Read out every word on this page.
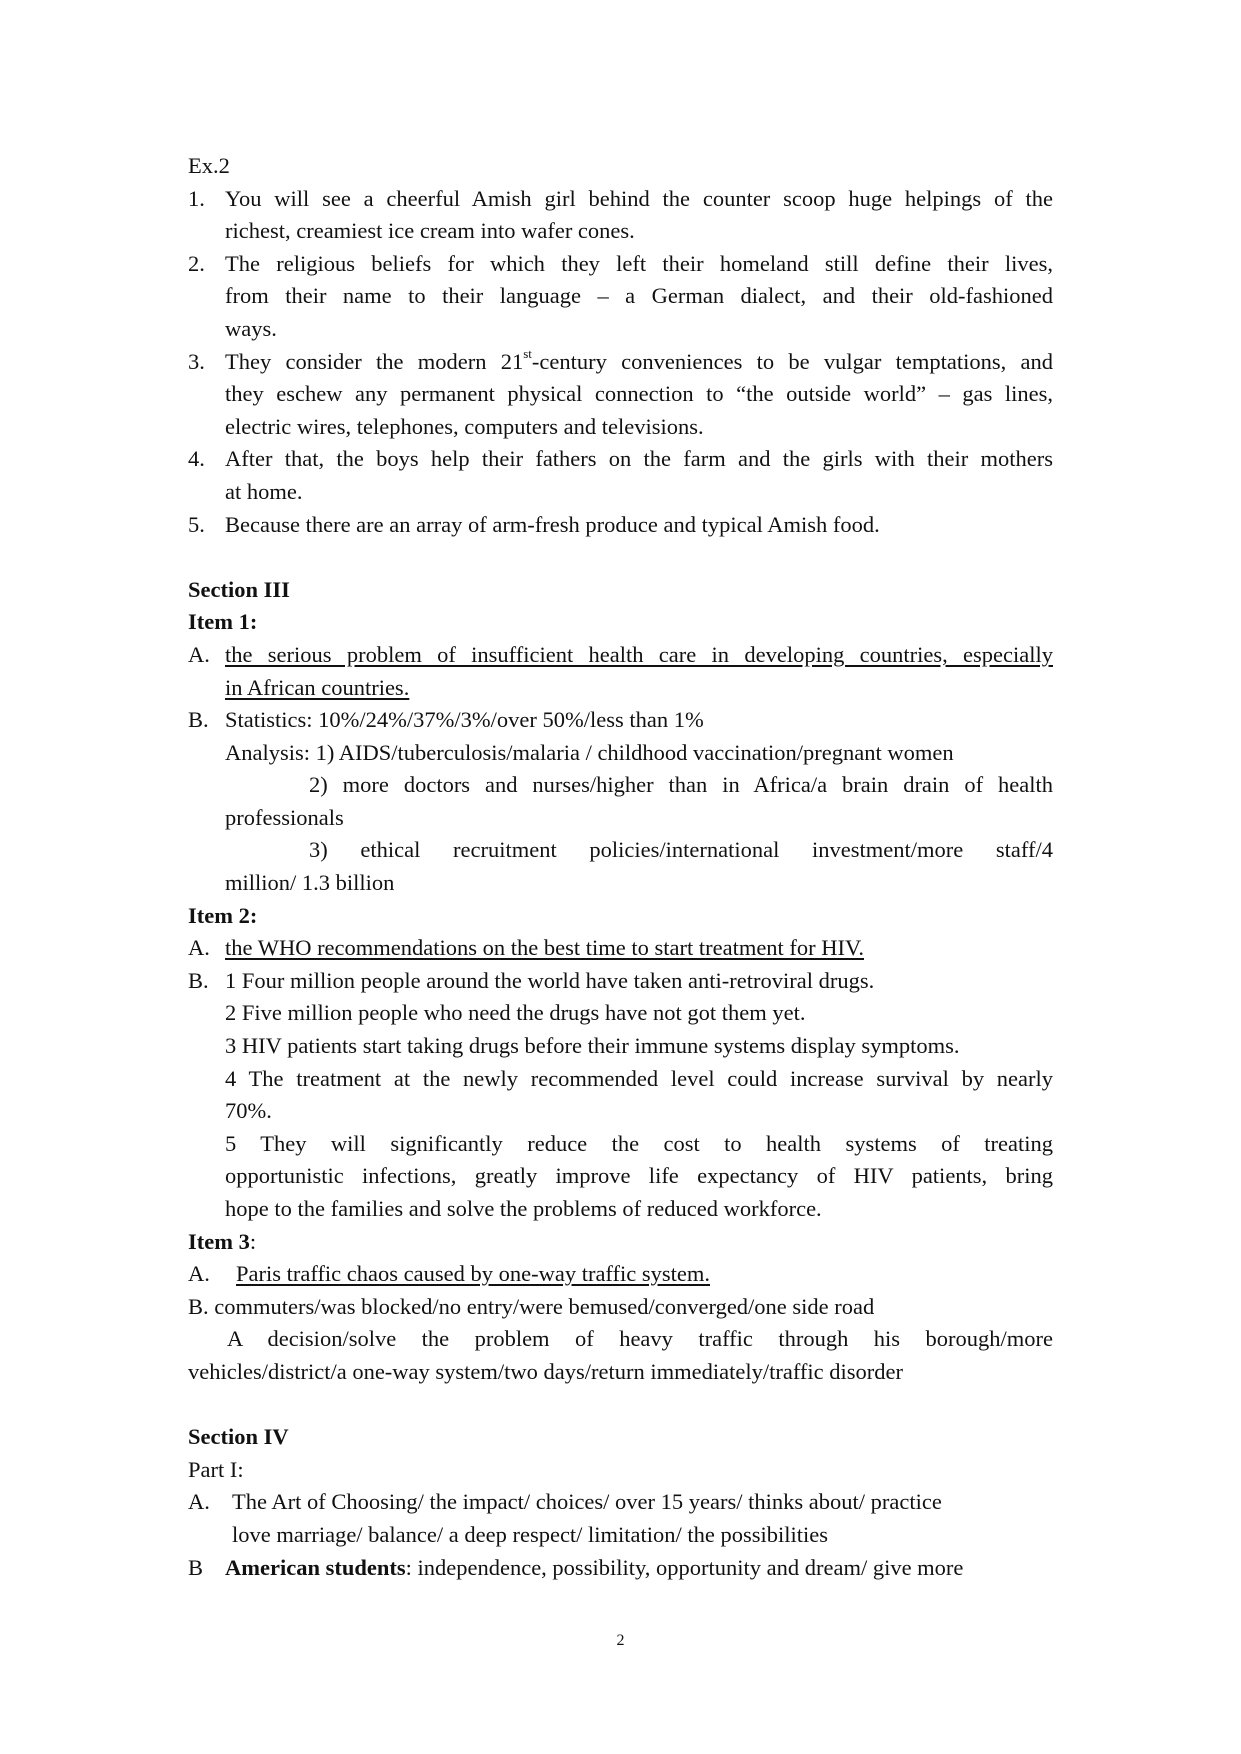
Ex.2
1. You will see a cheerful Amish girl behind the counter scoop huge helpings of the
richest, creamiest ice cream into wafer cones.
2. The religious beliefs for which they left their homeland still define their lives,
from their name to their language – a German dialect, and their old-fashioned
ways.
3. They consider the modern 21st-century conveniences to be vulgar temptations, and
they eschew any permanent physical connection to “the outside world” – gas lines,
electric wires, telephones, computers and televisions.
4. After that, the boys help their fathers on the farm and the girls with their mothers
at home.
5. Because there are an array of arm-fresh produce and typical Amish food.
Section III
Item 1:
A. the serious problem of insufficient health care in developing countries, especially
in African countries.
B. Statistics: 10%/24%/37%/3%/over 50%/less than 1%
Analysis: 1) AIDS/tuberculosis/malaria / childhood vaccination/pregnant women
2) more doctors and nurses/higher than in Africa/a brain drain of health
professionals
3) ethical recruitment policies/international investment/more staff/4
million/ 1.3 billion
Item 2:
A. the WHO recommendations on the best time to start treatment for HIV.
B. 1 Four million people around the world have taken anti-retroviral drugs.
2 Five million people who need the drugs have not got them yet.
3 HIV patients start taking drugs before their immune systems display symptoms.
4 The treatment at the newly recommended level could increase survival by nearly
70%.
5 They will significantly reduce the cost to health systems of treating
opportunistic infections, greatly improve life expectancy of HIV patients, bring
hope to the families and solve the problems of reduced workforce.
Item 3:
A.	Paris traffic chaos caused by one-way traffic system.
B. commuters/was blocked/no entry/were bemused/converged/one side road
A decision/solve the problem of heavy traffic through his borough/more
vehicles/district/a one-way system/two days/return immediately/traffic disorder
Section IV
Part I:
A. The Art of Choosing/ the impact/ choices/ over 15 years/ thinks about/ practice
love marriage/ balance/ a deep respect/ limitation/ the possibilities
B American students: independence, possibility, opportunity and dream/ give more
2
